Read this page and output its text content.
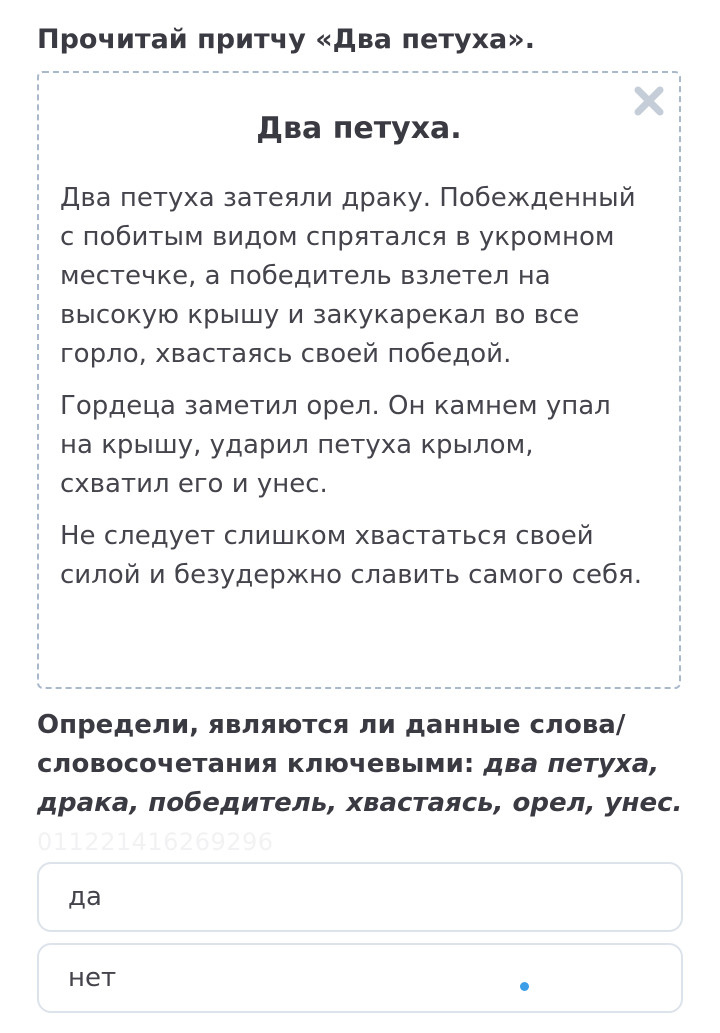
Прочитай притчу «Два петуха».
Два петуха.

Два петуха затеяли драку. Побежденный с побитым видом спрятался в укромном местечке, а победитель взлетел на высокую крышу и закукарекал во все горло, хвастаясь своей победой.

Гордеца заметил орел. Он камнем упал на крышу, ударил петуха крылом, схватил его и унес.

Не следует слишком хвастаться своей силой и безудержно славить самого себя.

Определи, являются ли данные слова/словосочетания ключевыми: два петуха, драка, победитель, хвастаясь, орел, унес.

011221416269296
да
нет
